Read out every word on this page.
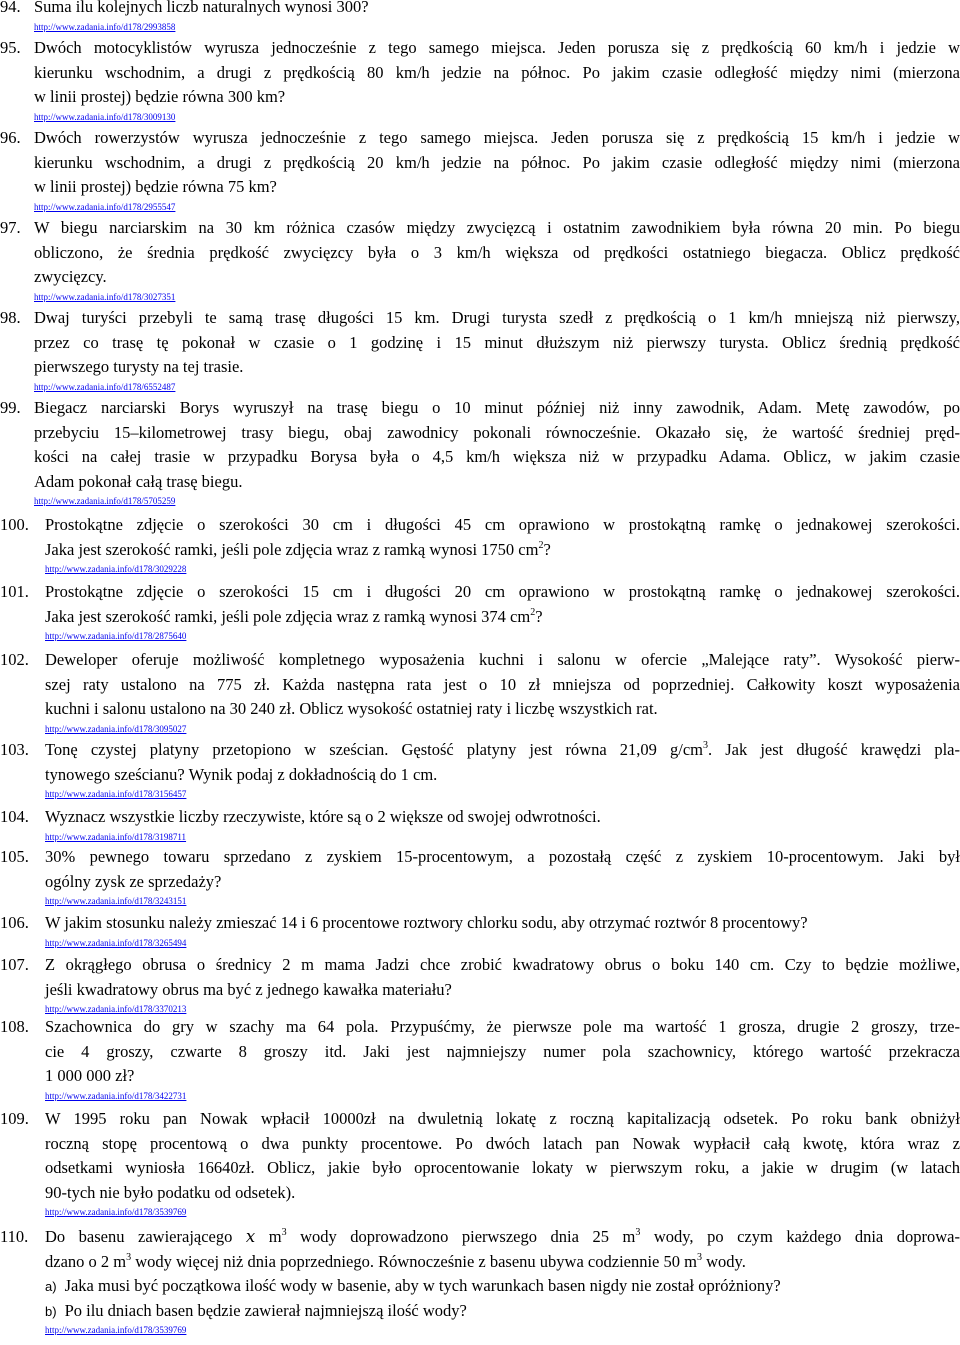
94. Suma ilu kolejnych liczb naturalnych wynosi 300?
http://www.zadania.info/d178/2993858
95. Dwóch motocyklistów wyrusza jednocześnie z tego samego miejsca. Jeden porusza się z prędkością 60 km/h i jedzie w
kierunku wschodnim, a drugi z prędkością 80 km/h jedzie na północ. Po jakim czasie odległość między nimi (mierzona
w linii prostej) będzie równa 300 km?
http://www.zadania.info/d178/3009130
96. Dwóch rowerzystów wyrusza jednocześnie z tego samego miejsca. Jeden porusza się z prędkością 15 km/h i jedzie w
kierunku wschodnim, a drugi z prędkością 20 km/h jedzie na północ. Po jakim czasie odległość między nimi (mierzona
w linii prostej) będzie równa 75 km?
http://www.zadania.info/d178/2955547
97. W biegu narciarskim na 30 km różnica czasów między zwycięzcą i ostatnim zawodnikiem była równa 20 min. Po biegu
obliczono, że średnia prędkość zwycięzcy była o 3 km/h większa od prędkości ostatniego biegacza. Oblicz prędkość
zwycięzcy.
http://www.zadania.info/d178/3027351
98. Dwaj turyści przebyli te samą trasę długości 15 km. Drugi turysta szedł z prędkością o 1 km/h mniejszą niż pierwszy,
przez co trasę tę pokonał w czasie o 1 godzinę i 15 minut dłuższym niż pierwszy turysta. Oblicz średnią prędkość
pierwszego turysty na tej trasie.
http://www.zadania.info/d178/6552487
99. Biegacz narciarski Borys wyruszył na trasę biegu o 10 minut później niż inny zawodnik, Adam. Metę zawodów, po
przebyciu 15–kilometrowej trasy biegu, obaj zawodnicy pokonali równocześnie. Okazało się, że wartość średniej pręd-
kości na całej trasie w przypadku Borysa była o 4,5 km/h większa niż w przypadku Adama. Oblicz, w jakim czasie
Adam pokonał całą trasę biegu.
http://www.zadania.info/d178/5705259
100. Prostokątne zdjęcie o szerokości 30 cm i długości 45 cm oprawiono w prostokątną ramkę o jednakowej szerokości.
Jaka jest szerokość ramki, jeśli pole zdjęcia wraz z ramką wynosi 1750 $cm^2$?
http://www.zadania.info/d178/3029228
101. Prostokątne zdjęcie o szerokości 15 cm i długości 20 cm oprawiono w prostokątną ramkę o jednakowej szerokości.
Jaka jest szerokość ramki, jeśli pole zdjęcia wraz z ramką wynosi 374 $cm^2$?
http://www.zadania.info/d178/2875640
102. Deweloper oferuje możliwość kompletnego wyposażenia kuchni i salonu w ofercie „Malejące raty”. Wysokość pierw-
szej raty ustalono na 775 zł. Każda następna rata jest o 10 zł mniejsza od poprzedniej. Całkowity koszt wyposażenia
kuchni i salonu ustalono na 30 240 zł. Oblicz wysokość ostatniej raty i liczbę wszystkich rat.
http://www.zadania.info/d178/3095027
103. Tonę czystej platyny przetopiono w sześcian. Gęstość platyny jest równa 21,09 $g/cm^3$. Jak jest długość krawędzi pla-
tynowego sześcianu? Wynik podaj z dokładnością do 1 cm.
http://www.zadania.info/d178/3156457
104. Wyznacz wszystkie liczby rzeczywiste, które są o 2 większe od swojej odwrotności.
http://www.zadania.info/d178/3198711
105. 30% pewnego towaru sprzedano z zyskiem 15-procentowym, a pozostałą część z zyskiem 10-procentowym. Jaki był
ogólny zysk ze sprzedaży?
http://www.zadania.info/d178/3243151
106. W jakim stosunku należy zmieszać 14 i 6 procentowe roztwory chlorku sodu, aby otrzymać roztwór 8 procentowy?
http://www.zadania.info/d178/3265494
107. Z okrągłego obrusa o średnicy 2 m mama Jadzi chce zrobić kwadratowy obrus o boku 140 cm. Czy to będzie możliwe,
jeśli kwadratowy obrus ma być z jednego kawałka materiału?
http://www.zadania.info/d178/3370213
108. Szachownica do gry w szachy ma 64 pola. Przypuśćmy, że pierwsze pole ma wartość 1 grosza, drugie 2 groszy, trze-
cie 4 groszy, czwarte 8 groszy itd. Jaki jest najmniejszy numer pola szachownicy, którego wartość przekracza
1 000 000 zł?
http://www.zadania.info/d178/3422731
109. W 1995 roku pan Nowak wpłacił 10000zł na dwuletnią lokatę z roczną kapitalizacją odsetek. Po roku bank obniżył
roczną stopę procentową o dwa punkty procentowe. Po dwóch latach pan Nowak wypłacił całą kwotę, która wraz z
odsetkami wyniosła 16640zł. Oblicz, jakie było oprocentowanie lokaty w pierwszym roku, a jakie w drugim (w latach
90-tych nie było podatku od odsetek).
http://www.zadania.info/d178/3539769
110. Do basenu zawierającego x $m^3$ wody doprowadzono pierwszego dnia 25 $m^3$ wody, po czym każdego dnia doprowa-
dzano o 2 $m^3$ wody więcej niż dnia poprzedniego. Równocześnie z basenu ubywa codziennie 50 $m^3$ wody.
a) Jaka musi być początkowa ilość wody w basenie, aby w tych warunkach basen nigdy nie został opróżniony?
b) Po ilu dniach basen będzie zawierał najmniejszą ilość wody?
http://www.zadania.info/d178/3539769
